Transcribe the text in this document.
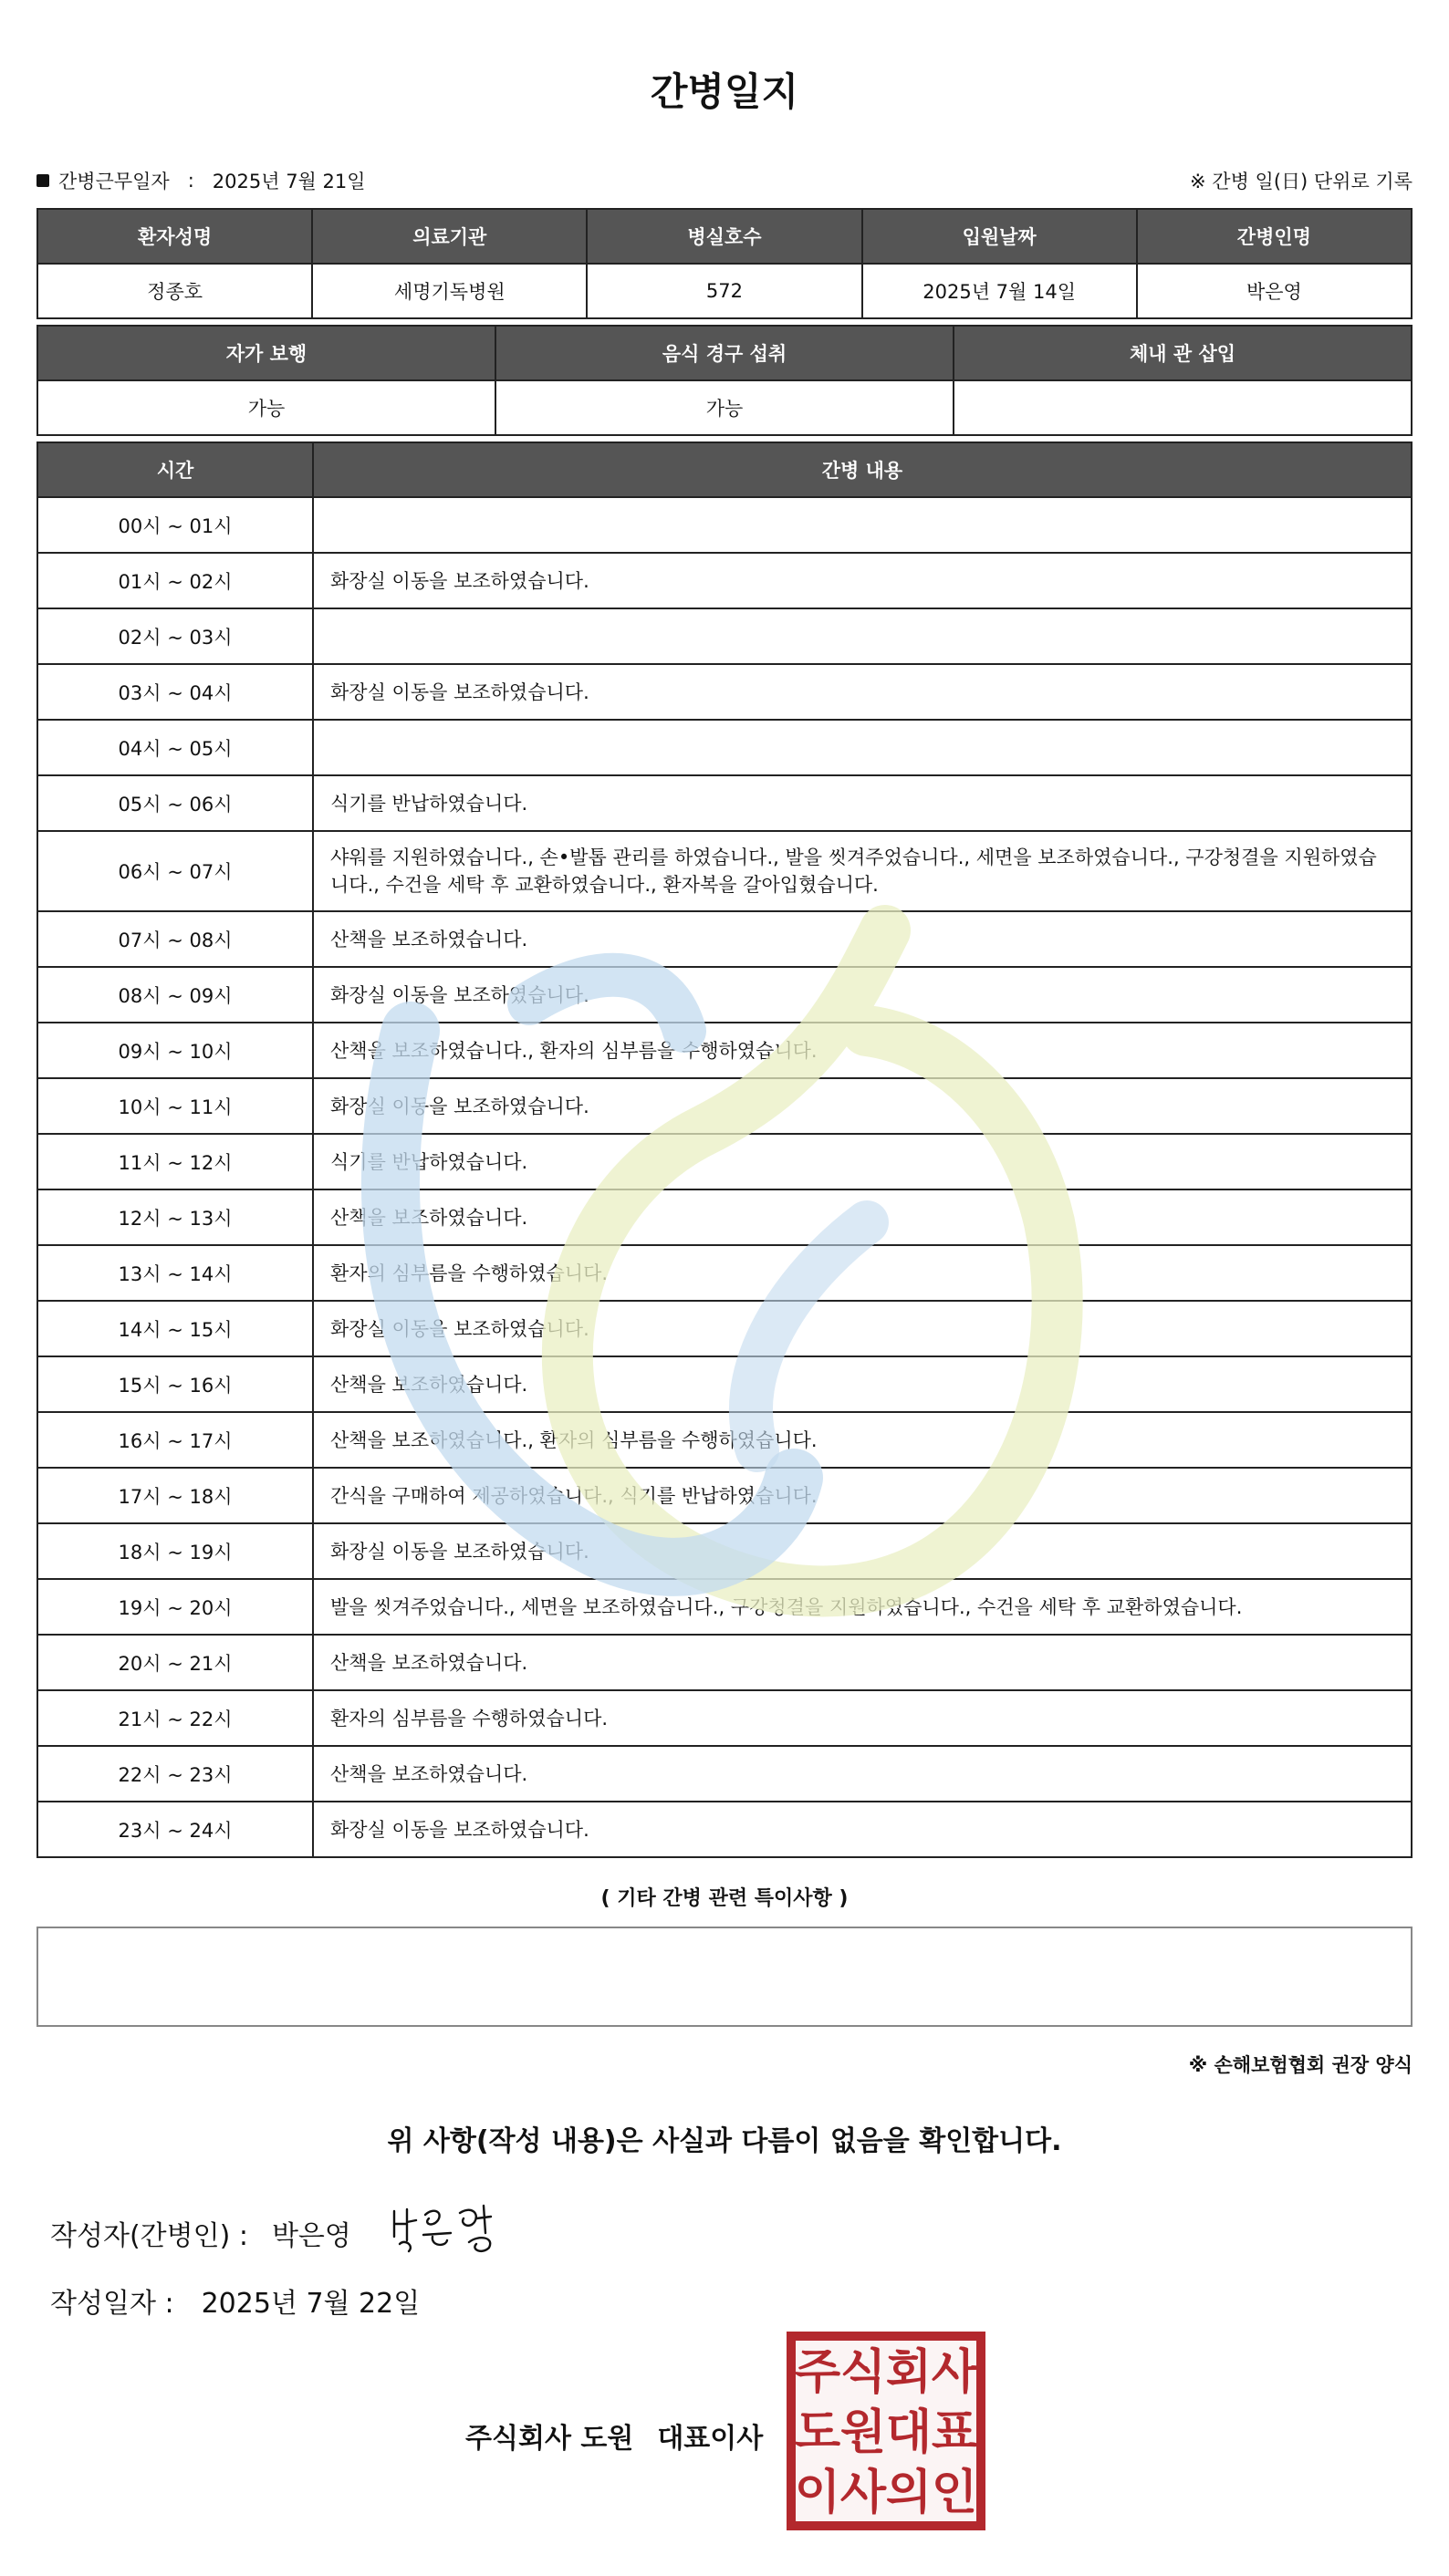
간병일지
간병근무일자 : 2025년 7월 21일	※ 간병 일(日) 단위로 기록
환자성명	의료기관	병실호수	입원날짜	간병인명
정종호	세명기독병원	572	2025년 7월 14일	박은영
자가 보행	음식 경구 섭취	체내 관 삽입
가능	가능	
시간	간병 내용
00시 ~ 01시	
01시 ~ 02시	화장실 이동을 보조하였습니다.
02시 ~ 03시	
03시 ~ 04시	화장실 이동을 보조하였습니다.
04시 ~ 05시	
05시 ~ 06시	식기를 반납하였습니다.
06시 ~ 07시	샤워를 지원하였습니다., 손•발톱 관리를 하였습니다., 발을 씻겨주었습니다., 세면을 보조하였습니다., 구강청결을 지원하였습니다., 수건을 세탁 후 교환하였습니다., 환자복을 갈아입혔습니다.
07시 ~ 08시	산책을 보조하였습니다.
08시 ~ 09시	화장실 이동을 보조하였습니다.
09시 ~ 10시	산책을 보조하였습니다., 환자의 심부름을 수행하였습니다.
10시 ~ 11시	화장실 이동을 보조하였습니다.
11시 ~ 12시	식기를 반납하였습니다.
12시 ~ 13시	산책을 보조하였습니다.
13시 ~ 14시	환자의 심부름을 수행하였습니다.
14시 ~ 15시	화장실 이동을 보조하였습니다.
15시 ~ 16시	산책을 보조하였습니다.
16시 ~ 17시	산책을 보조하였습니다., 환자의 심부름을 수행하였습니다.
17시 ~ 18시	간식을 구매하여 제공하였습니다., 식기를 반납하였습니다.
18시 ~ 19시	화장실 이동을 보조하였습니다.
19시 ~ 20시	발을 씻겨주었습니다., 세면을 보조하였습니다., 구강청결을 지원하였습니다., 수건을 세탁 후 교환하였습니다.
20시 ~ 21시	산책을 보조하였습니다.
21시 ~ 22시	환자의 심부름을 수행하였습니다.
22시 ~ 23시	산책을 보조하였습니다.
23시 ~ 24시	화장실 이동을 보조하였습니다.
( 기타 간병 관련 특이사항 )
※ 손해보험협회 권장 양식
위 사항(작성 내용)은 사실과 다름이 없음을 확인합니다.
작성자(간병인) : 박은영
작성일자 : 2025년 7월 22일
주식회사 도원 대표이사
주 식 회 사
도 원 대 표
이 사 의 인
